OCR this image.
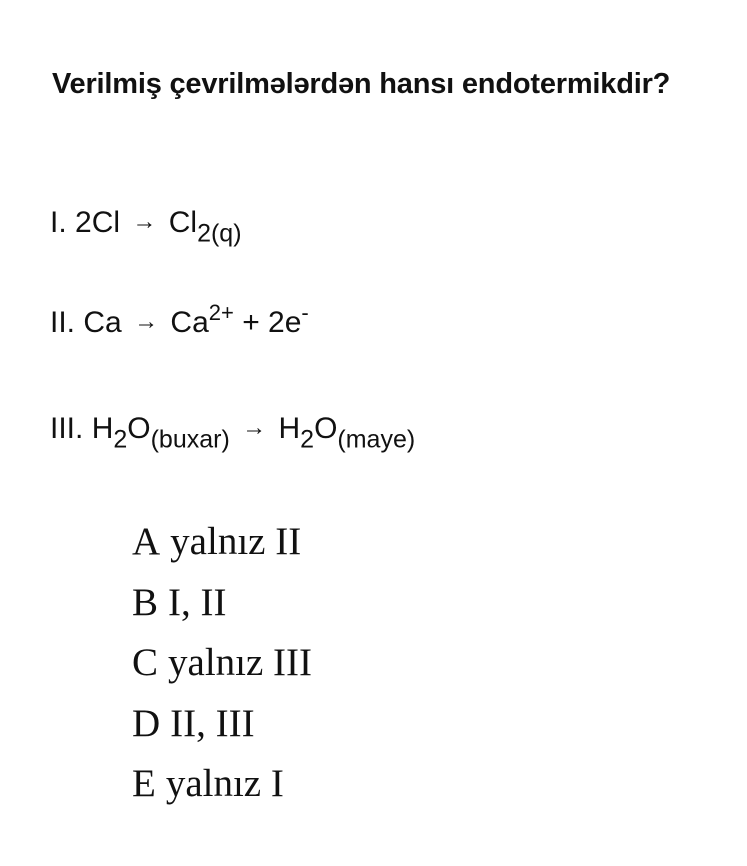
Verilmiş çevrilmələrdən hansı endotermikdir?
I. $2Cl \to Cl_{2(q)}$
II. $Ca \to Ca^{2+} + 2e^-$
III. $H_2O_{(buxar)} \to H_2O_{(maye)}$
A yalnız II
B I, II
C yalnız III
D II, III
E yalnız I
